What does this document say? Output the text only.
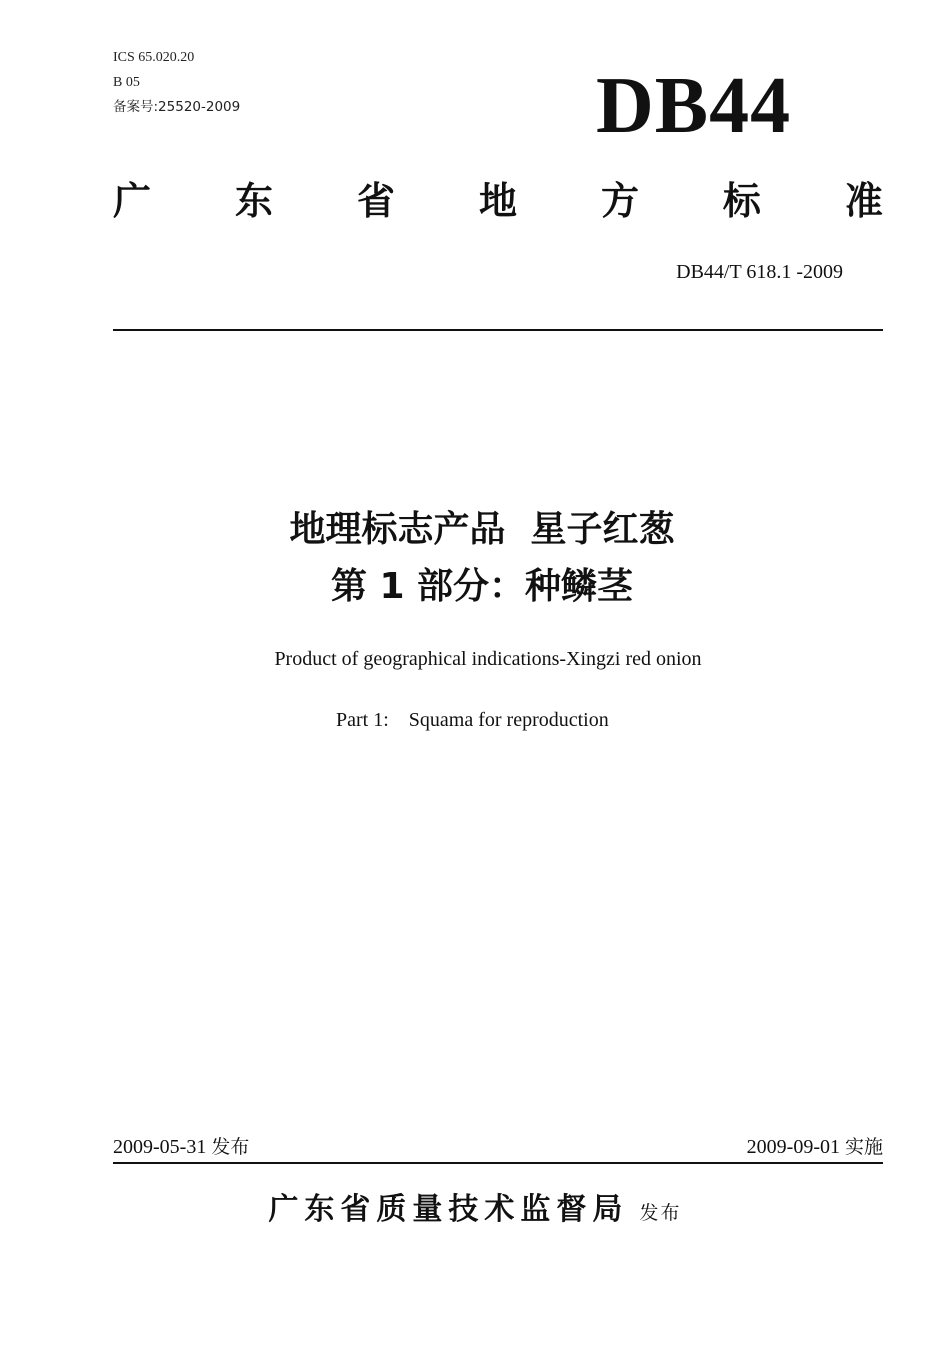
ICS 65.020.20
B 05
备案号:25520-2009	DB44
广 东 省 地 方 标 准
DB44/T 618.1 -2009
地理标志产品  星子红葱
第 1 部分：种鳞茎
Product of geographical indications-Xingzi red onion
Part 1:    Squama for reproduction
2009-05-31 发布	2009-09-01 实施
广东省质量技术监督局 发布
